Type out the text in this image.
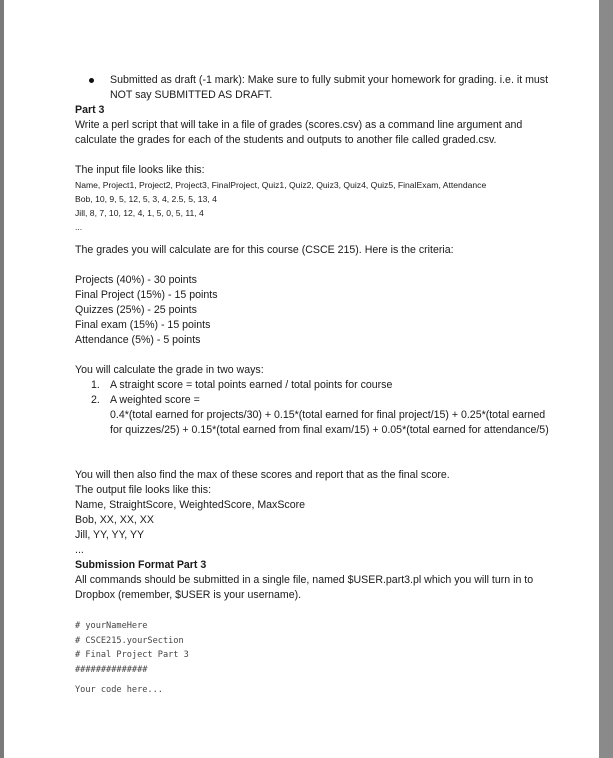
Submitted as draft (-1 mark): Make sure to fully submit your homework for grading. i.e. it must NOT say SUBMITTED AS DRAFT.
Part 3
Write a perl script that will take in a file of grades (scores.csv) as a command line argument and calculate the grades for each of the students and outputs to another file called graded.csv.
The input file looks like this:
Name, Project1, Project2, Project3, FinalProject, Quiz1, Quiz2, Quiz3, Quiz4, Quiz5, FinalExam, Attendance
Bob, 10, 9, 5, 12, 5, 3, 4, 2.5, 5, 13, 4
Jill, 8, 7, 10, 12, 4, 1, 5, 0, 5, 11, 4
...
The grades you will calculate are for this course (CSCE 215). Here is the criteria:
Projects (40%) - 30 points
Final Project (15%) - 15 points
Quizzes (25%) - 25 points
Final exam (15%) - 15 points
Attendance (5%) - 5 points
You will calculate the grade in two ways:
1. A straight score = total points earned / total points for course
2. A weighted score =
0.4*(total earned for projects/30) + 0.15*(total earned for final project/15) + 0.25*(total earned for quizzes/25) + 0.15*(total earned from final exam/15) + 0.05*(total earned for attendance/5)
You will then also find the max of these scores and report that as the final score.
The output file looks like this:
Name, StraightScore, WeightedScore, MaxScore
Bob, XX, XX, XX
Jill, YY, YY, YY
...
Submission Format Part 3
All commands should be submitted in a single file, named $USER.part3.pl which you will turn in to Dropbox (remember, $USER is your username).
# yourNameHere
# CSCE215.yourSection
# Final Project Part 3
##############
Your code here...
